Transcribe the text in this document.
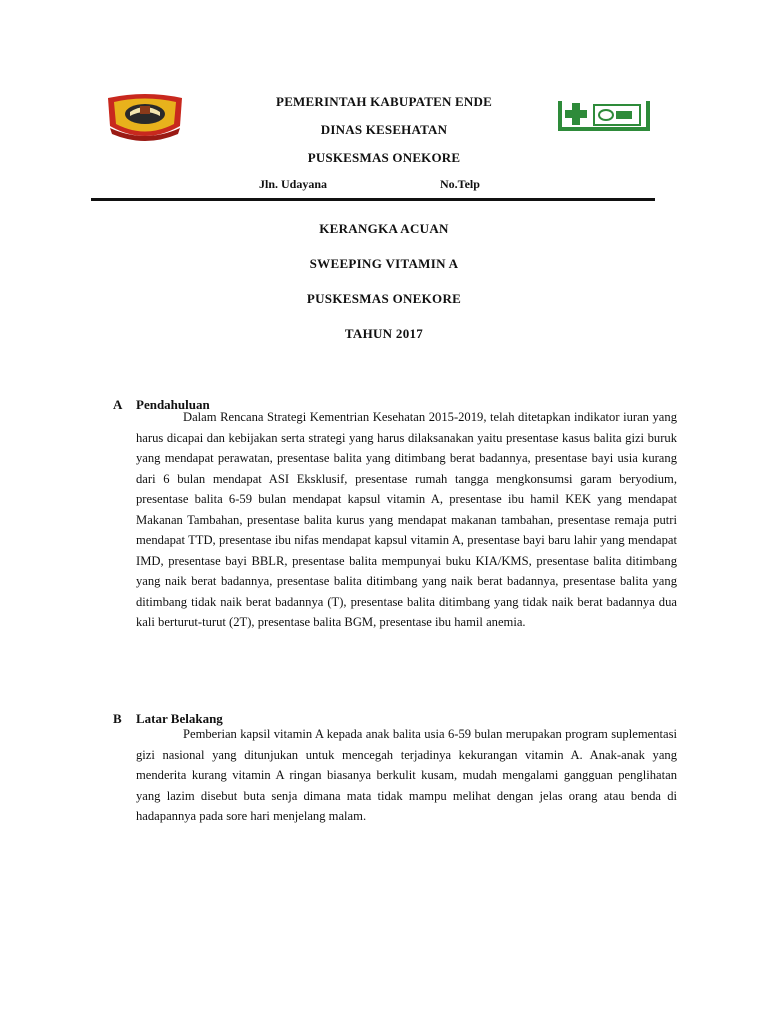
PEMERINTAH KABUPATEN ENDE
DINAS KESEHATAN
PUSKESMAS ONEKORE
Jln. Udayana	No.Telp
KERANGKA ACUAN
SWEEPING VITAMIN A
PUSKESMAS ONEKORE
TAHUN 2017
A Pendahuluan

Dalam Rencana Strategi Kementrian Kesehatan 2015-2019, telah ditetapkan indikator iuran yang harus dicapai dan kebijakan serta strategi yang harus dilaksanakan yaitu presentase kasus balita gizi buruk yang mendapat perawatan, presentase balita yang ditimbang berat badannya, presentase bayi usia kurang dari 6 bulan mendapat ASI Eksklusif, presentase rumah tangga mengkonsumsi garam beryodium, presentase balita 6-59 bulan mendapat kapsul vitamin A, presentase ibu hamil KEK yang mendapat Makanan Tambahan, presentase balita kurus yang mendapat makanan tambahan, presentase remaja putri mendapat TTD, presentase ibu nifas mendapat kapsul vitamin A, presentase bayi baru lahir yang mendapat IMD, presentase bayi BBLR, presentase balita mempunyai buku KIA/KMS, presentase balita ditimbang yang naik berat badannya, presentase balita ditimbang yang naik berat badannya, presentase balita yang ditimbang tidak naik berat badannya (T), presentase balita ditimbang yang tidak naik berat badannya dua kali berturut-turut (2T), presentase balita BGM, presentase ibu hamil anemia.

B Latar Belakang

Pemberian kapsil vitamin A kepada anak balita usia 6-59 bulan merupakan program suplementasi gizi nasional yang ditunjukan untuk mencegah terjadinya kekurangan vitamin A. Anak-anak yang menderita kurang vitamin A ringan biasanya berkulit kusam, mudah mengalami gangguan penglihatan yang lazim disebut buta senja dimana mata tidak mampu melihat dengan jelas orang atau benda di hadapannya pada sore hari menjelang malam.
